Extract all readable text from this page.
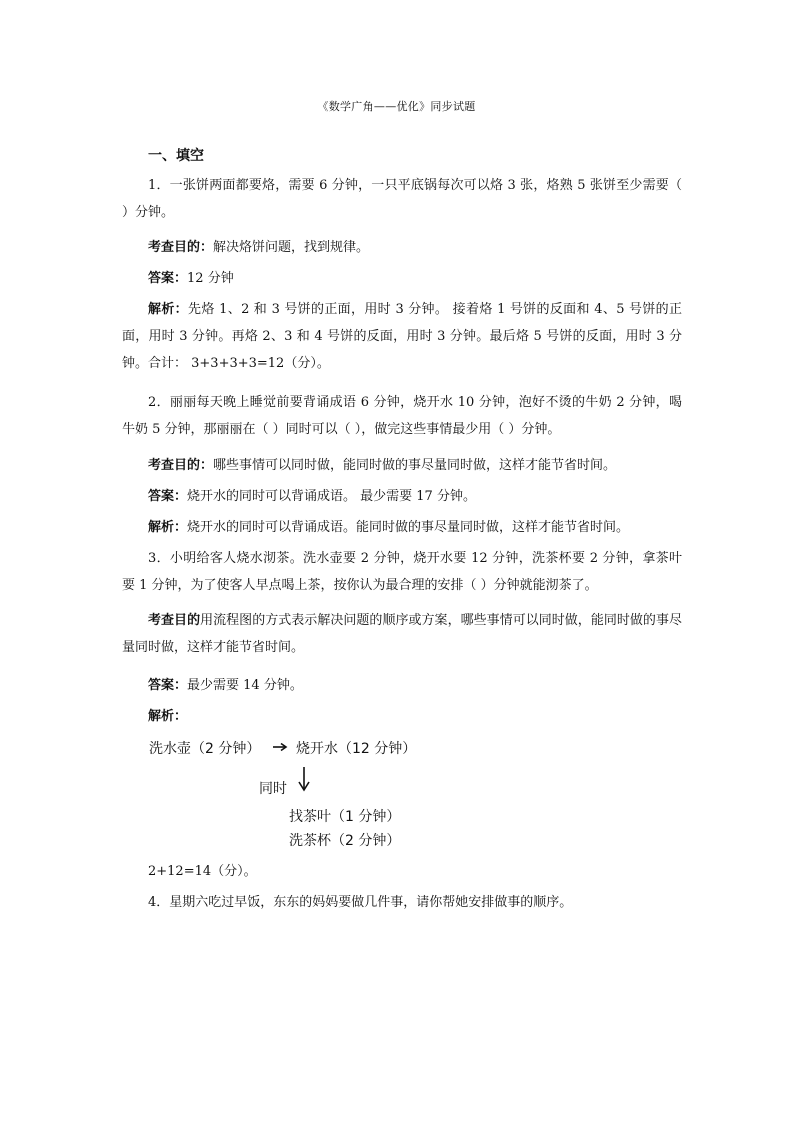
《数学广角——优化》同步试题
一、填空
1．一张饼两面都要烙，需要 6 分钟，一只平底锅每次可以烙 3 张，烙熟 5 张饼至少需要（ ）分钟。
考查目的：解决烙饼问题，找到规律。
答案：12 分钟
解析：先烙 1、2 和 3 号饼的正面，用时 3 分钟。 接着烙 1 号饼的反面和 4、5 号饼的正面，用时 3 分钟。再烙 2、3 和 4 号饼的反面，用时 3 分钟。最后烙 5 号饼的反面，用时 3 分钟。合计： 3+3+3+3=12（分）。
2．丽丽每天晚上睡觉前要背诵成语 6 分钟，烧开水 10 分钟，泡好不烫的牛奶 2 分钟，喝牛奶 5 分钟，那丽丽在（ ）同时可以（ ），做完这些事情最少用（ ）分钟。
考查目的：哪些事情可以同时做，能同时做的事尽量同时做，这样才能节省时间。
答案：烧开水的同时可以背诵成语。 最少需要 17 分钟。
解析：烧开水的同时可以背诵成语。能同时做的事尽量同时做，这样才能节省时间。
3．小明给客人烧水沏茶。洗水壶要 2 分钟，烧开水要 12 分钟，洗茶杯要 2 分钟，拿茶叶要 1 分钟，为了使客人早点喝上茶，按你认为最合理的安排（ ）分钟就能沏茶了。
考查目的用流程图的方式表示解决问题的顺序或方案，哪些事情可以同时做，能同时做的事尽量同时做，这样才能节省时间。
答案：最少需要 14 分钟。
解析：
洗水壶（2 分钟）	烧开水（12 分钟）
同时
找茶叶（1 分钟）
洗茶杯（2 分钟）
2+12=14（分）。
4．星期六吃过早饭，东东的妈妈要做几件事，请你帮她安排做事的顺序。
